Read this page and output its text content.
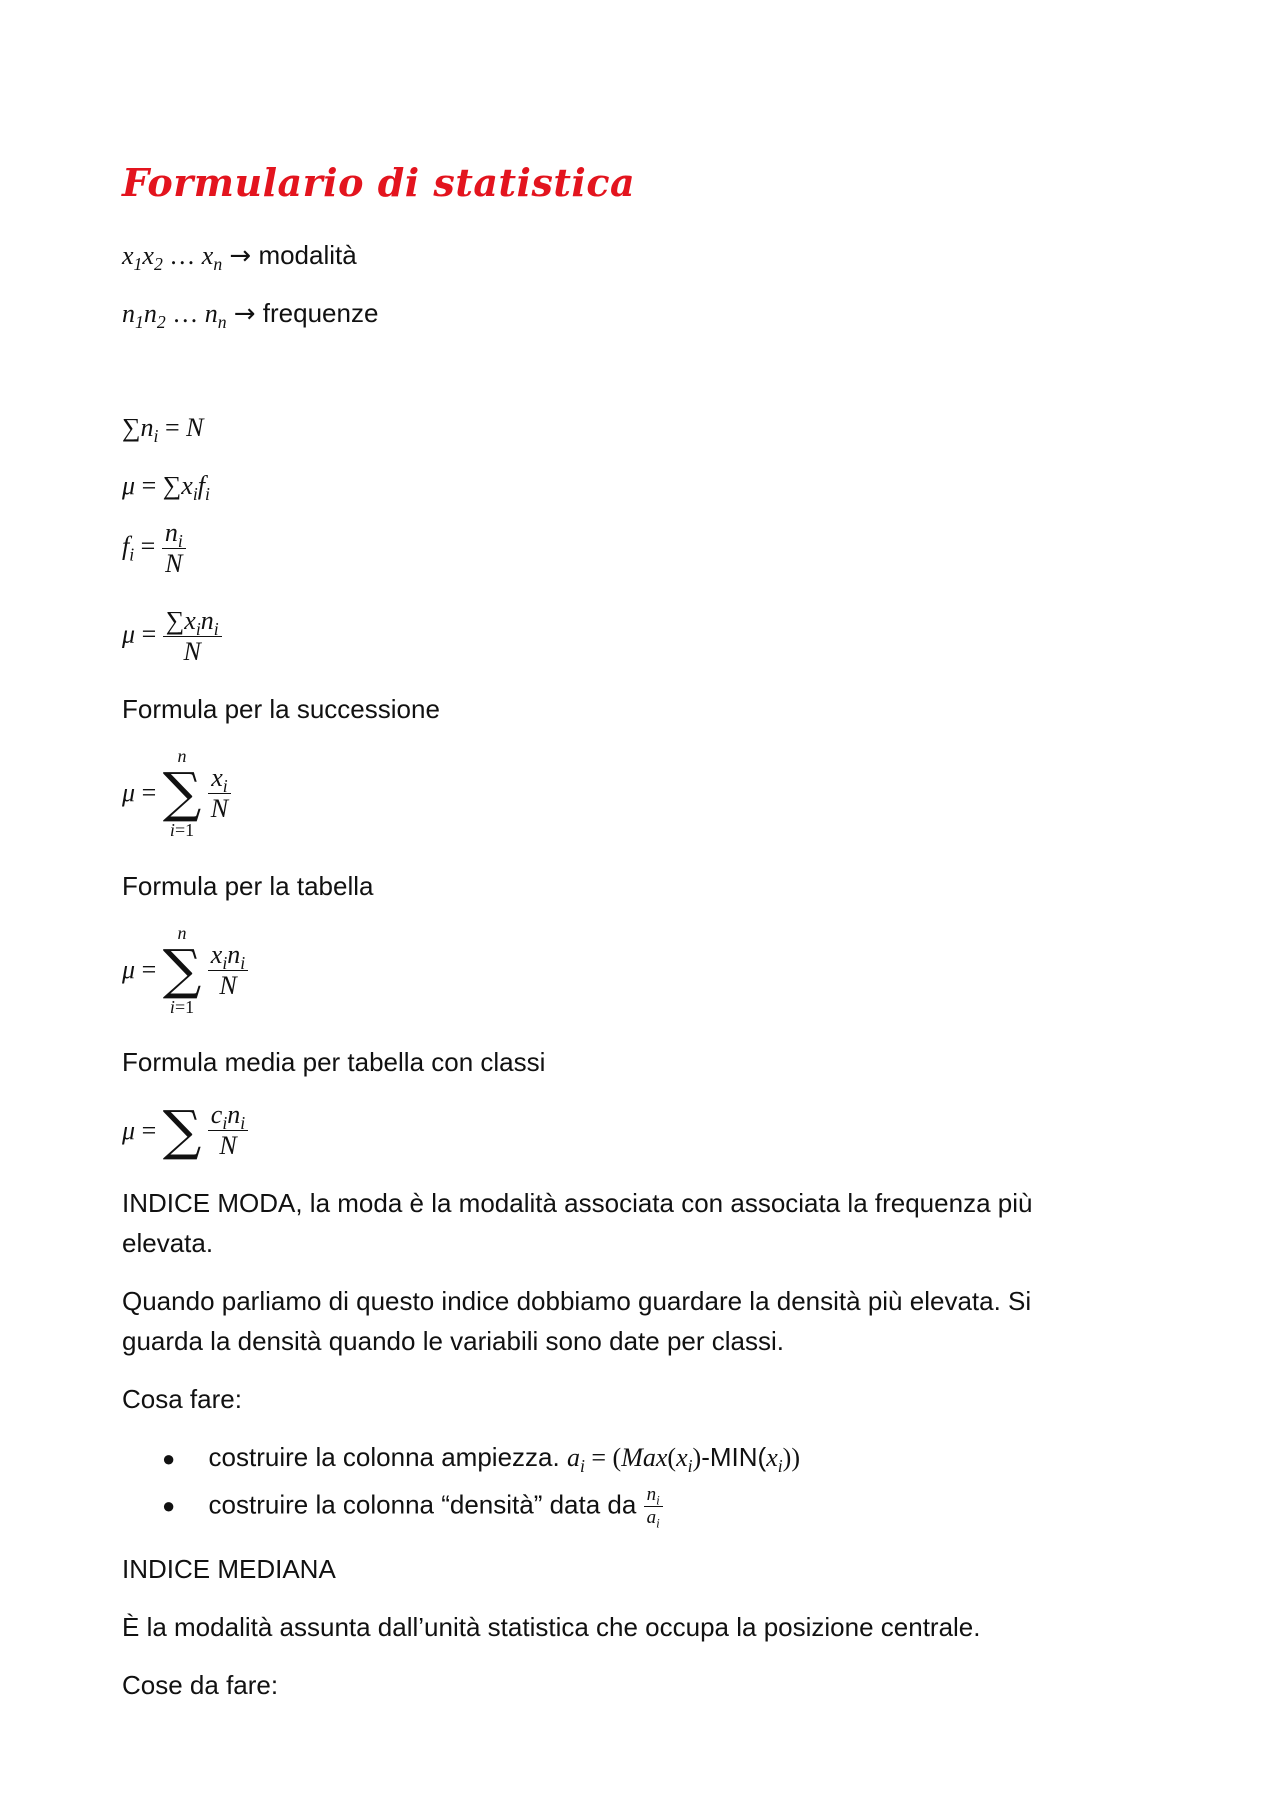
Formulario di statistica
$x_1x_2$ … $x_n$ → modalità
$n_1n_2$ … $n_n$ → frequenze
$\sum n_i = N$
$\mu = \sum x_if_i$
$f_i = \frac{n_i}{N}$
$\mu = \frac{\sum x_in_i}{N}$
Formula per la successione
μ =
n
∑
i=1

$\frac{x_i}{N}$
Formula per la tabella
μ =
n
∑
i=1

$\frac{x_in_i}{N}$
Formula media per tabella con classi
μ = ∑
$\frac{c_in_i}{N}$
INDICE MODA, la moda è la modalità associata con associata la frequenza più
elevata.
Quando parliamo di questo indice dobbiamo guardare la densità più elevata. Si
guarda la densità quando le variabili sono date per classi.
Cosa fare:
● costruire la colonna ampiezza. $a_i = (Max(x_i)-MIN(x_i))$
● costruire la colonna “densità” data da $\frac{n_i}{a_i}$
INDICE MEDIANA
È la modalità assunta dall’unità statistica che occupa la posizione centrale.
Cose da fare:
